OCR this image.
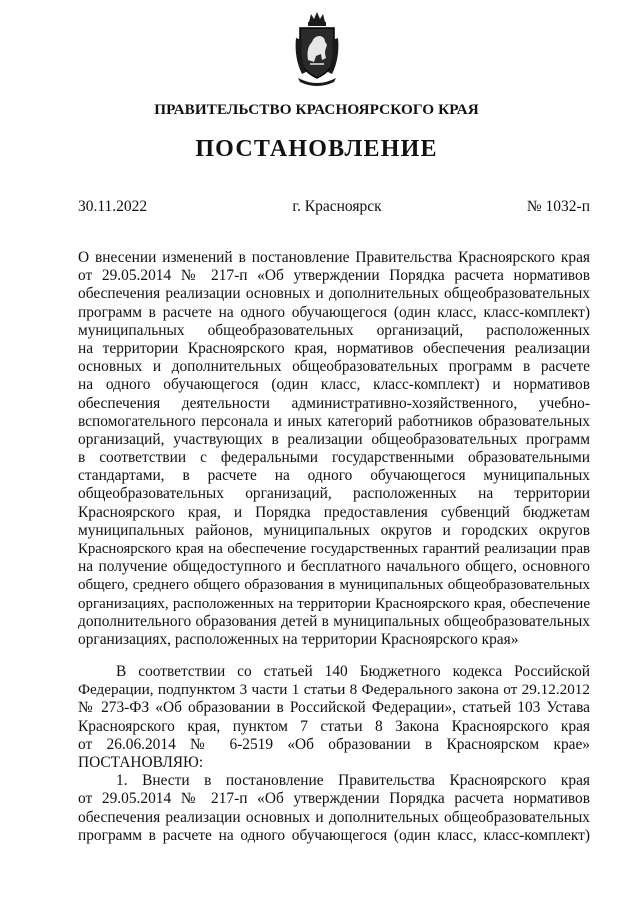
ПРАВИТЕЛЬСТВО КРАСНОЯРСКОГО КРАЯ
ПОСТАНОВЛЕНИЕ
30.11.2022	г. Красноярск	№ 1032-п
О внесении изменений в постановление Правительства Красноярского края
от 29.05.2014 № 217-п «Об утверждении Порядка расчета нормативов
обеспечения реализации основных и дополнительных общеобразовательных
программ в расчете на одного обучающегося (один класс, класс-комплект)
муниципальных общеобразовательных организаций, расположенных
на территории Красноярского края, нормативов обеспечения реализации
основных и дополнительных общеобразовательных программ в расчете
на одного обучающегося (один класс, класс-комплект) и нормативов
обеспечения деятельности административно-хозяйственного, учебно-
вспомогательного персонала и иных категорий работников образовательных
организаций, участвующих в реализации общеобразовательных программ
в соответствии с федеральными государственными образовательными
стандартами, в расчете на одного обучающегося муниципальных
общеобразовательных организаций, расположенных на территории
Красноярского края, и Порядка предоставления субвенций бюджетам
муниципальных районов, муниципальных округов и городских округов
Красноярского края на обеспечение государственных гарантий реализации прав
на получение общедоступного и бесплатного начального общего, основного
общего, среднего общего образования в муниципальных общеобразовательных
организациях, расположенных на территории Красноярского края, обеспечение
дополнительного образования детей в муниципальных общеобразовательных
организациях, расположенных на территории Красноярского края»
В соответствии со статьей 140 Бюджетного кодекса Российской
Федерации, подпунктом 3 части 1 статьи 8 Федерального закона от 29.12.2012
№ 273-ФЗ «Об образовании в Российской Федерации», статьей 103 Устава
Красноярского края, пунктом 7 статьи 8 Закона Красноярского края
от 26.06.2014 № 6-2519 «Об образовании в Красноярском крае»
ПОСТАНОВЛЯЮ:
1. Внести в постановление Правительства Красноярского края
от 29.05.2014 № 217-п «Об утверждении Порядка расчета нормативов
обеспечения реализации основных и дополнительных общеобразовательных
программ в расчете на одного обучающегося (один класс, класс-комплект)
